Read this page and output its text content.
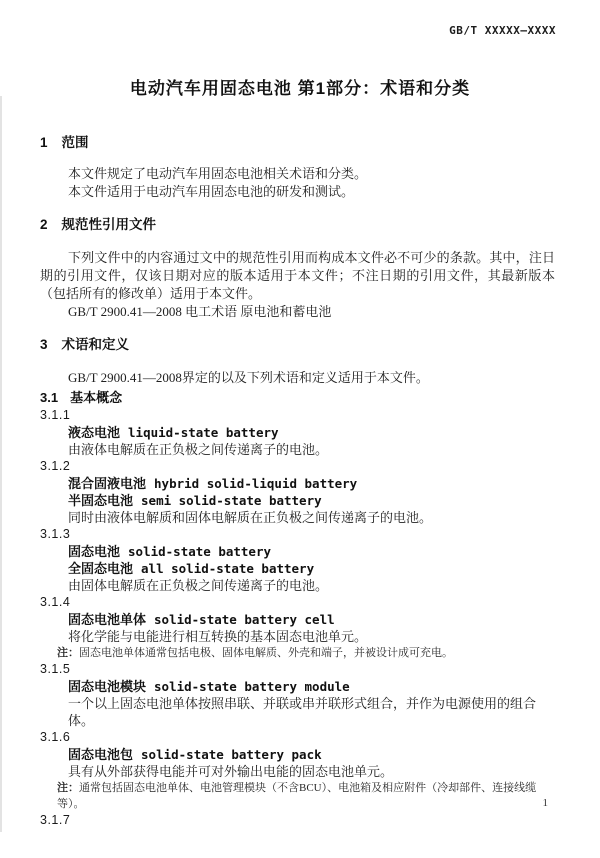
GB/T XXXXX—XXXX
电动汽车用固态电池 第1部分：术语和分类
1 范围
本文件规定了电动汽车用固态电池相关术语和分类。
本文件适用于电动汽车用固态电池的研发和测试。
2 规范性引用文件
下列文件中的内容通过文中的规范性引用而构成本文件必不可少的条款。其中，注日期的引用文件，仅该日期对应的版本适用于本文件；不注日期的引用文件，其最新版本（包括所有的修改单）适用于本文件。
GB/T 2900.41—2008 电工术语 原电池和蓄电池
3 术语和定义
GB/T 2900.41—2008界定的以及下列术语和定义适用于本文件。
3.1 基本概念
3.1.1
液态电池 liquid-state battery
由液体电解质在正负极之间传递离子的电池。
3.1.2
混合固液电池 hybrid solid-liquid battery
半固态电池 semi solid-state battery
同时由液体电解质和固体电解质在正负极之间传递离子的电池。
3.1.3
固态电池 solid-state battery
全固态电池 all solid-state battery
由固体电解质在正负极之间传递离子的电池。
3.1.4
固态电池单体 solid-state battery cell
将化学能与电能进行相互转换的基本固态电池单元。
注：固态电池单体通常包括电极、固体电解质、外壳和端子，并被设计成可充电。
3.1.5
固态电池模块 solid-state battery module
一个以上固态电池单体按照串联、并联或串并联形式组合，并作为电源使用的组合体。
3.1.6
固态电池包 solid-state battery pack
具有从外部获得电能并可对外输出电能的固态电池单元。
注：通常包括固态电池单体、电池管理模块（不含BCU）、电池箱及相应附件（冷却部件、连接线缆等）。
3.1.7
1
